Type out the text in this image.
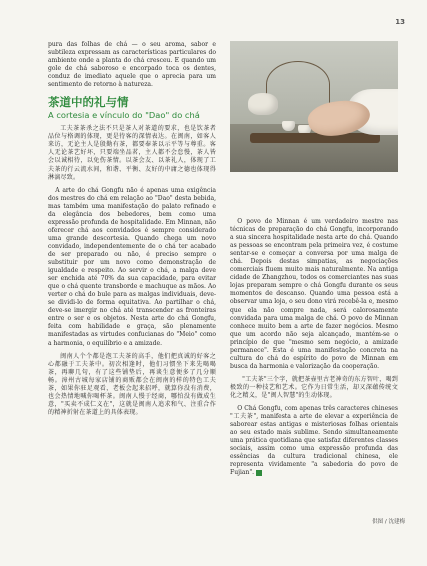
13

pura das folhas de chá — o seu aroma, sabor e subtileza expressam as características particulares do ambiente onde a planta do chá cresceu. E quando um gole de chá saboroso e encorpado toca os dentes, conduz de imediato aquele que o aprecia para um sentimento de retorno à natureza.

茶道中的礼与情
A cortesia e vínculo do "Dao" do chá

工夫茶茶杀之法不只是茶人对茶道的要求，也是饮茶者品位与格调的体现，更是待客的深情表达。在闽南，如客人来访，无论主人是殷勤有茶，都要奉茶以示平等与尊重。客人无论茶艺好坏，只要端坐品茗，主人都不会怠慢，茶人皆会以诚相待，以免伤茶情。以茶会友、以茶礼人，体现了工夫茶的行云流水间，和谐、平衡、友好的中庸之德也体现得淋漓尽致。

A arte do chá Gongfu não é apenas uma exigência dos mestres do chá em relação ao "Dao" desta bebida, mas também uma manifestação do palato refinado e da elegância dos bebedores, bem como uma expressão profunda de hospitalidade. Em Minnan, não oferecer chá aos convidados é sempre considerado uma grande descortesia. Quando chega um novo convidado, independentemente de o chá ter acabado de ser preparado ou não, é preciso sempre o substituir por um novo como demonstração de igualdade e respeito. Ao servir o chá, a malga deve ser enchida até 70% da sua capacidade, para evitar que o chá quente transborde e machuque as mãos. Ao verter o chá do bule para as malgas individuais, deve-se dividi-lo de forma equitativa. Ao partilhar o chá, deve-se imergir no chá até transcender as fronteiras entre o ser e os objetos. Nesta arte do chá Gongfu, feita com habilidade e graça, são plenamente manifestadas as virtudes confucianas do "Meio" como a harmonia, o equilíbrio e a amizade.

闽南人个个都是泡工夫茶的高手，他们把真诚的好客之心都融于工夫茶中。初次相逢时，他们习惯坐下来先喝喝茶，再聊几句，有了这些铺垫后，再谈生意便多了几分顺畅。漳州古城每家店铺的商贩都会在闽南的样的特色工夫茶，如果你驻足观看，老板会起来招呼，就算你没有消费，也会热情地喊你喝杯茶。闽南人慢于经商，哪怕没有做成生意，"买卖不成仁义在"，这就是闽南人追求和气、注重合作的精神折射在茶道上的具体表现。

O povo de Minnan é um verdadeiro mestre nas técnicas de preparação do chá Gongfu, incorporando a sua sincera hospitalidade nesta arte do chá. Quando as pessoas se encontram pela primeira vez, é costume sentar-se e começar a conversa por uma malga de chá. Depois destas simpatias, as negociações comerciais fluem muito mais naturalmente. Na antiga cidade de Zhangzhou, todos os comerciantes nas suas lojas preparam sempre o chá Gongfu durante os seus momentos de descanso. Quando uma pessoa está a observar uma loja, o seu dono virá recebê-la e, mesmo que ela não compre nada, será calorosamente convidada para uma malga de chá. O povo de Minnan conhece muito bem a arte de fazer negócios. Mesmo que um acordo não seja alcançado, mantém-se o princípio de que "mesmo sem negócio, a amizade permanece". Esta é uma manifestação concreta na cultura do chá do espírito do povo de Minnan em busca da harmonia e valorização da cooperação.

"工夫茶"三个字，就把茶壶里古老神奇的东方智叶，喝到极致的一种技艺和艺术。它作为日常生活，却又深蕴传统文化之精义，是"闽人智慧"的生动体现。

O Chá Gongfu, com apenas três caracteres chineses "工夫茶", manifesta a arte de elevar a experiência de saborear estas antigas e misteriosas folhas orientais ao seu estado mais sublime. Sendo simultaneamente uma prática quotidiana que satisfaz diferentes classes sociais, assim como uma expressão profunda das essências da cultura tradicional chinesa, ele representa vividamente "a sabedoria do povo de Fujian".

供图 / 沈建梅
